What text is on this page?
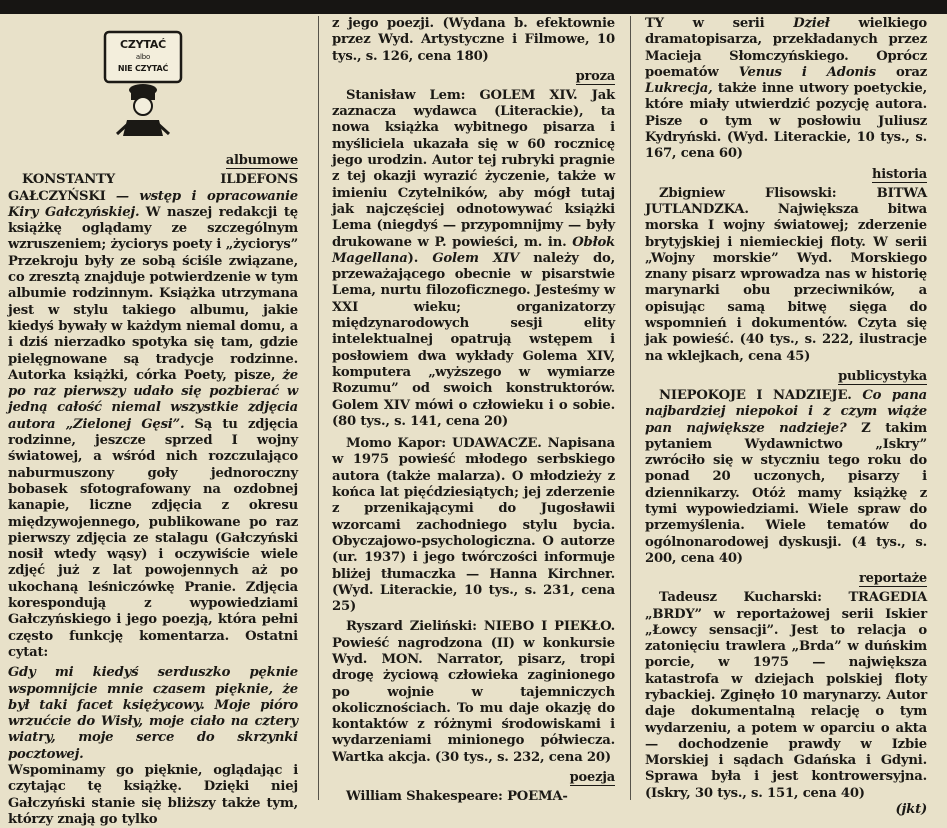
CZYTAĆ
albo
NIE CZYTAĆ
albumowe

KONSTANTY ILDEFONS GAŁCZYŃSKI — wstęp i opracowanie Kiry Gałczyńskiej. W naszej redakcji tę książkę oglądamy ze szczególnym wzruszeniem; życiorys poety i „życiorys” Przekroju były ze sobą ściśle związane, co zresztą znajduje potwierdzenie w tym albumie rodzinnym. Książka utrzymana jest w stylu takiego albumu, jakie kiedyś bywały w każdym niemal domu, a i dziś nierzadko spotyka się tam, gdzie pielęgnowane są tradycje rodzinne. Autorka książki, córka Poety, pisze, że po raz pierwszy udało się pozbierać w jedną całość niemal wszystkie zdjęcia autora „Zielonej Gęsi”. Są tu zdjęcia rodzinne, jeszcze sprzed I wojny światowej, a wśród nich rozczulająco naburmuszony goły jednoroczny bobasek sfotografowany na ozdobnej kanapie, liczne zdjęcia z okresu międzywojennego, publikowane po raz pierwszy zdjęcia ze stalagu (Gałczyński nosił wtedy wąsy) i oczywiście wiele zdjęć już z lat powojennych aż po ukochaną leśniczówkę Pranie. Zdjęcia korespondują z wypowiedziami Gałczyńskiego i jego poezją, która pełni często funkcję komentarza. Ostatni cytat:

Gdy mi kiedyś serduszko pęknie wspomnijcie mnie czasem pięknie, że był taki facet księżycowy. Moje pióro wrzućcie do Wisły, moje ciało na cztery wiatry, moje serce do skrzynki pocztowej.

Wspominamy go pięknie, oglądając i czytając tę książkę. Dzięki niej Gałczyński stanie się bliższy także tym, którzy znają go tylko

z jego poezji. (Wydana b. efektownie przez Wyd. Artystyczne i Filmowe, 10 tys., s. 126, cena 180)

proza

Stanisław Lem: GOLEM XIV. Jak zaznacza wydawca (Literackie), ta nowa książka wybitnego pisarza i myśliciela ukazała się w 60 rocznicę jego urodzin. Autor tej rubryki pragnie z tej okazji wyrazić życzenie, także w imieniu Czytelników, aby mógł tutaj jak najczęściej odnotowywać książki Lema (niegdyś — przypomnijmy — były drukowane w P. powieści, m. in. Obłok Magellana). Golem XIV należy do, przeważającego obecnie w pisarstwie Lema, nurtu filozoficznego. Jesteśmy w XXI wieku; organizatorzy międzynarodowych sesji elity intelektualnej opatrują wstępem i posłowiem dwa wykłady Golema XIV, komputera „wyższego w wymiarze Rozumu” od swoich konstruktorów. Golem XIV mówi o człowieku i o sobie. (80 tys., s. 141, cena 20)

Momo Kapor: UDAWACZE. Napisana w 1975 powieść młodego serbskiego autora (także malarza). O młodzieży z końca lat pięćdziesiątych; jej zderzenie z przenikającymi do Jugosławii wzorcami zachodniego stylu bycia. Obyczajowo-psychologiczna. O autorze (ur. 1937) i jego twórczości informuje bliżej tłumaczka — Hanna Kirchner. (Wyd. Literackie, 10 tys., s. 231, cena 25)

Ryszard Zieliński: NIEBO I PIEKŁO. Powieść nagrodzona (II) w konkursie Wyd. MON. Narrator, pisarz, tropi drogę życiową człowieka zaginionego po wojnie w tajemniczych okolicznościach. To mu daje okazję do kontaktów z różnymi środowiskami i wydarzeniami minionego półwiecza. Wartka akcja. (30 tys., s. 232, cena 20)

poezja

William Shakespeare: POEMA-

TY w serii Dzieł wielkiego dramatopisarza, przekładanych przez Macieja Słomczyńskiego. Oprócz poematów Venus i Adonis oraz Lukrecja, także inne utwory poetyckie, które miały utwierdzić pozycję autora. Pisze o tym w posłowiu Juliusz Kydryński. (Wyd. Literackie, 10 tys., s. 167, cena 60)

historia

Zbigniew Flisowski:	BITWA JUTLANDZKA. Największa bitwa morska I wojny światowej; zderzenie brytyjskiej i niemieckiej floty. W serii „Wojny morskie” Wyd. Morskiego znany pisarz wprowadza nas w historię marynarki obu przeciwników, a opisując samą bitwę sięga do wspomnień i dokumentów. Czyta się jak powieść. (40 tys., s. 222, ilustracje na wklejkach, cena 45)

publicystyka

NIEPOKOJE I NADZIEJE. Co pana najbardziej niepokoi i z czym wiąże pan największe nadzieje? Z takim pytaniem Wydawnictwo „Iskry” zwróciło się w styczniu tego roku do ponad 20 uczonych, pisarzy i dziennikarzy. Otóż mamy książkę z tymi wypowiedziami. Wiele spraw do przemyślenia. Wiele tematów do ogólnonarodowej dyskusji. (4 tys., s. 200, cena 40)

reportaże

Tadeusz Kucharski: TRAGEDIA „BRDY” w reportażowej serii Iskier „Łowcy sensacji”. Jest to relacja o zatonięciu trawlera „Brda” w duńskim porcie, w 1975 — największa katastrofa w dziejach polskiej floty rybackiej. Zginęło 10 marynarzy. Autor daje dokumentalną relację o tym wydarzeniu, a potem w oparciu o akta — dochodzenie prawdy w Izbie Morskiej i sądach Gdańska i Gdyni. Sprawa była i jest kontrowersyjna. (Iskry, 30 tys., s. 151, cena 40)

(jkt)
